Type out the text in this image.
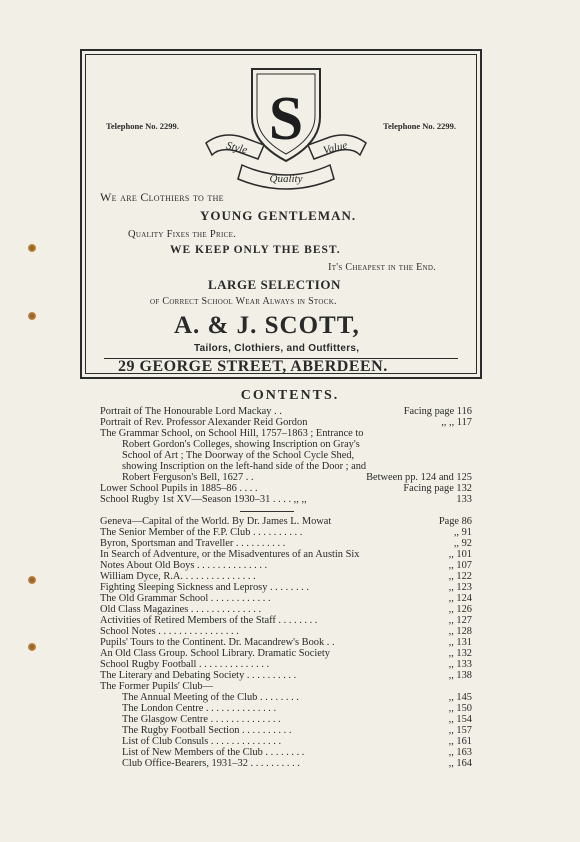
Telephone No. 2299.	Telephone No. 2299.
S
Style	Value
Quality
We are Clothiers to the
YOUNG GENTLEMAN.
Quality Fixes the Price.
WE KEEP ONLY THE BEST.
It's Cheapest in the End.
LARGE SELECTION
of Correct School Wear Always in Stock.
A. & J. SCOTT,
Tailors, Clothiers, and Outfitters,
29 GEORGE STREET, ABERDEEN.
CONTENTS.
Portrait of The Honourable Lord Mackay . .	Facing page 116
Portrait of Rev. Professor Alexander Reid Gordon	,, ,, 117
The Grammar School, on School Hill, 1757–1863 ; Entrance to
Robert Gordon's Colleges, showing Inscription on Gray's
School of Art ; The Doorway of the School Cycle Shed,
showing Inscription on the left-hand side of the Door ; and
Robert Ferguson's Bell, 1627 . .	Between pp. 124 and 125
Lower School Pupils in 1885–86 . . . .	Facing page 132
School Rugby 1st XV—Season 1930–31 . . . . ,, ,,	133
Geneva—Capital of the World. By Dr. James L. Mowat	Page 86
The Senior Member of the F.P. Club . . . . . . . . . .	,, 91
Byron, Sportsman and Traveller . . . . . . . . . .	,, 92
In Search of Adventure, or the Misadventures of an Austin Six	,, 101
Notes About Old Boys . . . . . . . . . . . . . .	,, 107
William Dyce, R.A. . . . . . . . . . . . . . .	,, 122
Fighting Sleeping Sickness and Leprosy . . . . . . . .	,, 123
The Old Grammar School . . . . . . . . . . . .	,, 124
Old Class Magazines . . . . . . . . . . . . . .	,, 126
Activities of Retired Members of the Staff . . . . . . . .	,, 127
School Notes . . . . . . . . . . . . . . . .	,, 128
Pupils' Tours to the Continent. Dr. Macandrew's Book . .	,, 131
An Old Class Group. School Library. Dramatic Society	,, 132
School Rugby Football . . . . . . . . . . . . . .	,, 133
The Literary and Debating Society . . . . . . . . . .	,, 138
The Former Pupils' Club—
The Annual Meeting of the Club . . . . . . . .	,, 145
The London Centre . . . . . . . . . . . . . .	,, 150
The Glasgow Centre . . . . . . . . . . . . . .	,, 154
The Rugby Football Section . . . . . . . . . .	,, 157
List of Club Consuls . . . . . . . . . . . . . .	,, 161
List of New Members of the Club . . . . . . . .	,, 163
Club Office-Bearers, 1931–32 . . . . . . . . . .	,, 164
